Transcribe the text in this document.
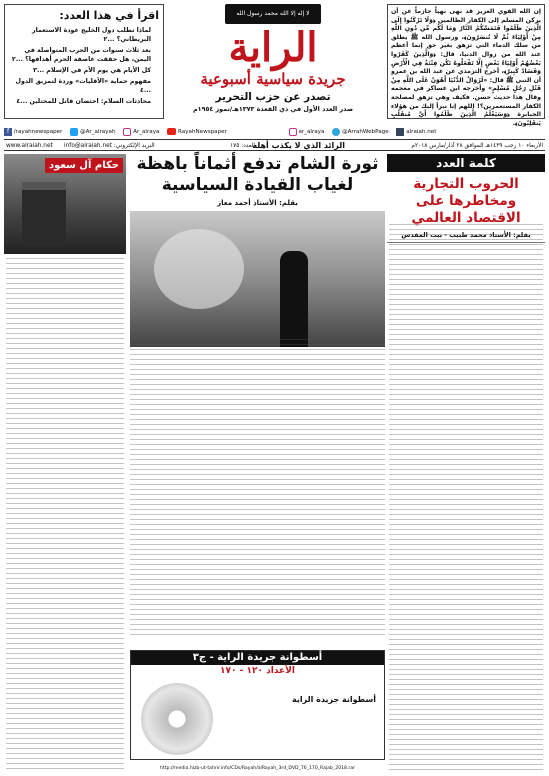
إن الله القوي العزيز قد نهى نهياً جازماً عن أن يركن المسلم إلى الكفار الظالمين ﴿وَلَا تَرْكَنُوا إِلَى الَّذِينَ ظَلَمُوا فَتَمَسَّكُمُ النَّارُ وَمَا لَكُم مِّن دُونِ اللَّهِ مِنْ أَوْلِيَاءَ ثُمَّ لَا تُنصَرُونَ﴾، ورسول الله ﷺ يطلق من سلك الدماء التي تزهق بغير حق إنما أعظم عند الله من زوال الدنيا، قال: ﴿وَالَّذِينَ كَفَرُوا بَعْضُهُمْ أَوْلِيَاءُ بَعْضٍ إِلَّا تَفْعَلُوهُ تَكُن فِتْنَةٌ فِي الْأَرْضِ وَفَسَادٌ كَبِيرٌ﴾، أخرج الترمذي عن عبد الله بن عمرو أن النبي ﷺ قال: «لَزَوَالُ الدُّنْيَا أَهْوَنُ عَلَى اللَّهِ مِنْ قَتْلِ رَجُلٍ مُسْلِمٍ» وأخرجه ابن عساكر في معجمه وقال هذا حديث حسن. فكيف وهي تزهق لمصلحة الكفار المستعمرين؟! اللهم إنا نبرأ إليك من هؤلاء الجبابرة ﴿وَسَيَعْلَمُ الَّذِينَ ظَلَمُوا أَيَّ مُنقَلَبٍ يَنقَلِبُونَ﴾.
لا إله إلا الله محمد رسول الله
الراية
جريدة سياسية أسبوعية
تصدر عن حزب التحرير
صدر العدد الأول في ذي القعدة ١٣٧٣هـ/تموز ١٩٥٤م
اقرأ في هذا العدد:
لماذا تطلب دول الخليج عودة الاستعمار البريطاني؟ ...٢
بعد ثلاث سنوات من الحرب المتواصلة في اليمن، هل حققت عاصفة الحزم أهدافها؟ ...٢
كل الأيام هي يوم الأم في الإسلام ...٣
مفهوم حماية «الأقليات» وردة لتمزيق الدول ...٤
محادثات السلام: احتضان قاتل للمحتلين ...٤
f /rayahnewspaper	@Ar_alrayah	Ar_alraya	RayahNewspaper	ar_alraya	@ArrahWebPage	alraiah.net
الأربعاء ١٠ رجب ١٤٣٩هـ الموافق ٢٨ آذار/مارس ٢٠١٨م
الرائد الذي لا يكذب أهله
العدد: ١٧٥
البريد الإلكتروني: info@alraiah.net
www.alraiah.net
كلمة العدد
الحروب التجارية ومخاطرها على الاقتصاد العالمي
بقلم: الأستاذ محمد طبيب - بيت المقدس
حكام آل سعود	ثورة الشام تدفع أثماناً باهظة لغياب القيادة السياسية
بقلم: الأستاذ أحمد معاز
أسطوانة جريدة الراية - ج٣
الأعداد ١٢٠ - ١٧٠
أسطوانة جريدة الراية
http://media.hizb-ut-tahrir.info/CDs/Rayah/alRayah_3rd_DVD_76_170_Rajab_2018.rar
